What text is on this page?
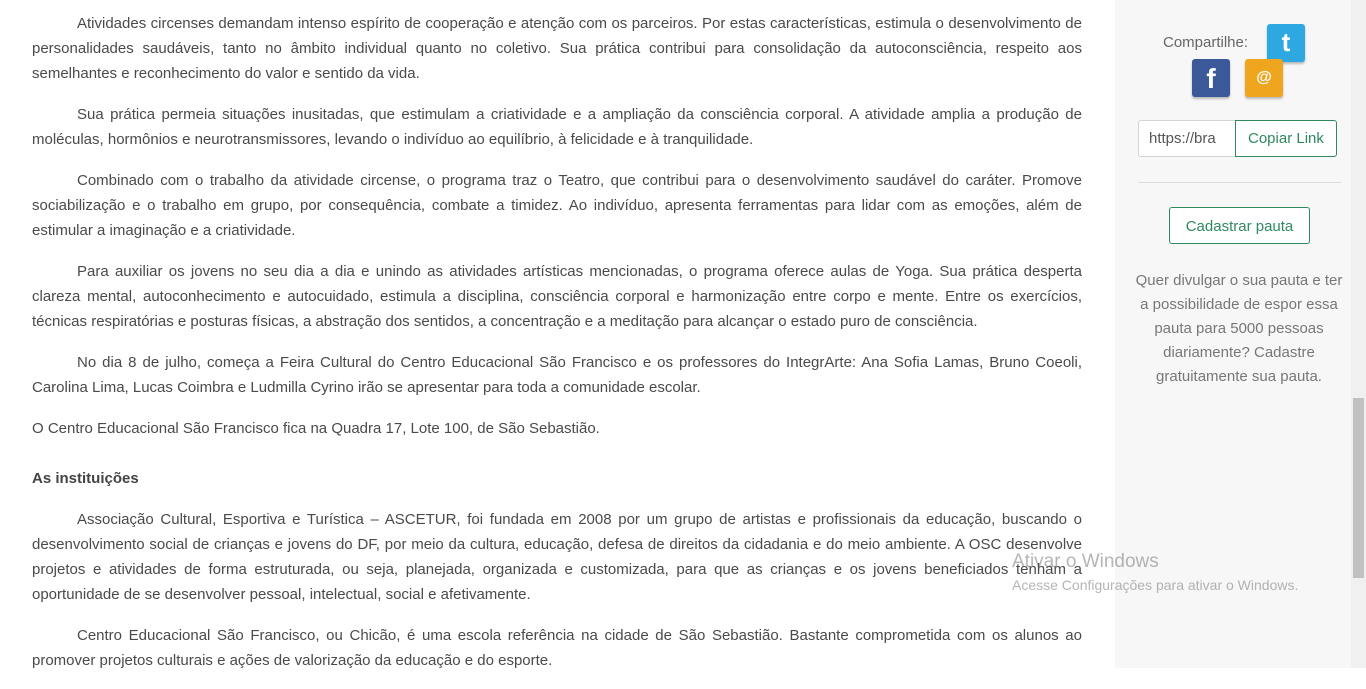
Atividades circenses demandam intenso espírito de cooperação e atenção com os parceiros. Por estas características, estimula o desenvolvimento de personalidades saudáveis, tanto no âmbito individual quanto no coletivo. Sua prática contribui para consolidação da autoconsciência, respeito aos semelhantes e reconhecimento do valor e sentido da vida.

Sua prática permeia situações inusitadas, que estimulam a criatividade e a ampliação da consciência corporal. A atividade amplia a produção de moléculas, hormônios e neurotransmissores, levando o indivíduo ao equilíbrio, à felicidade e à tranquilidade.

Combinado com o trabalho da atividade circense, o programa traz o Teatro, que contribui para o desenvolvimento saudável do caráter. Promove sociabilização e o trabalho em grupo, por consequência, combate a timidez. Ao indivíduo, apresenta ferramentas para lidar com as emoções, além de estimular a imaginação e a criatividade.

Para auxiliar os jovens no seu dia a dia e unindo as atividades artísticas mencionadas, o programa oferece aulas de Yoga. Sua prática desperta clareza mental, autoconhecimento e autocuidado, estimula a disciplina, consciência corporal e harmonização entre corpo e mente. Entre os exercícios, técnicas respiratórias e posturas físicas, a abstração dos sentidos, a concentração e a meditação para alcançar o estado puro de consciência.

No dia 8 de julho, começa a Feira Cultural do Centro Educacional São Francisco e os professores do IntegrArte: Ana Sofia Lamas, Bruno Coeoli, Carolina Lima, Lucas Coimbra e Ludmilla Cyrino irão se apresentar para toda a comunidade escolar.

O Centro Educacional São Francisco fica na Quadra 17, Lote 100, de São Sebastião.

As instituições

Associação Cultural, Esportiva e Turística – ASCETUR, foi fundada em 2008 por um grupo de artistas e profissionais da educação, buscando o desenvolvimento social de crianças e jovens do DF, por meio da cultura, educação, defesa de direitos da cidadania e do meio ambiente. A OSC desenvolve projetos e atividades de forma estruturada, ou seja, planejada, organizada e customizada, para que as crianças e os jovens beneficiados tenham a oportunidade de se desenvolver pessoal, intelectual, social e afetivamente.

Centro Educacional São Francisco, ou Chicão, é uma escola referência na cidade de São Sebastião. Bastante comprometida com os alunos ao promover projetos culturais e ações de valorização da educação e do esporte.

Compartilhe:	t
f	@
https://bra
Copiar Link
Cadastrar pauta
Quer divulgar o sua pauta e ter a possibilidade de espor essa pauta para 5000 pessoas diariamente? Cadastre gratuitamente sua pauta.
Ativar o Windows
Acesse Configurações para ativar o Windows.
